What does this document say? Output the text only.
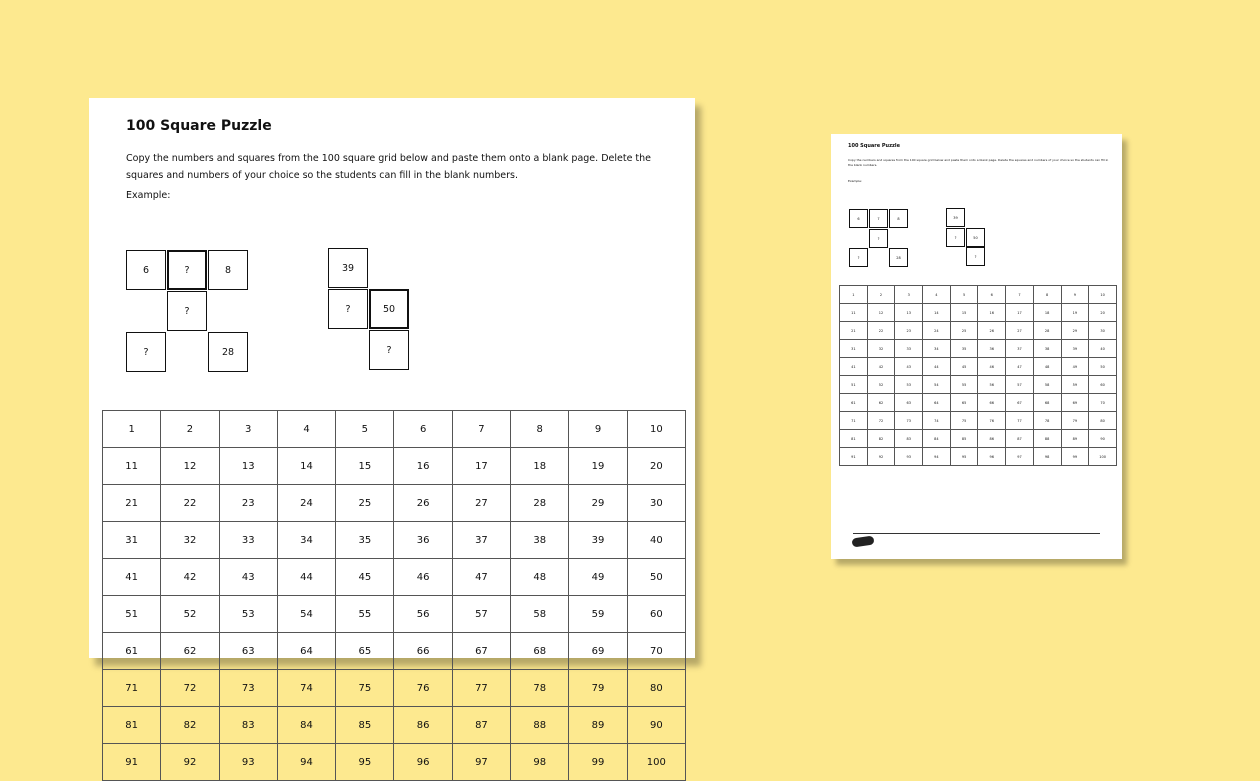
100 Square Puzzle
Copy the numbers and squares from the 100 square grid below and paste them onto a blank page. Delete the squares and numbers of your choice so the students can fill in the blank numbers.
Example:
6	?	8
?
?	28
39
?	50
?
1	2	3	4	5	6	7	8	9	10
11	12	13	14	15	16	17	18	19	20
21	22	23	24	25	26	27	28	29	30
31	32	33	34	35	36	37	38	39	40
41	42	43	44	45	46	47	48	49	50
51	52	53	54	55	56	57	58	59	60
61	62	63	64	65	66	67	68	69	70
71	72	73	74	75	76	77	78	79	80
81	82	83	84	85	86	87	88	89	90
91	92	93	94	95	96	97	98	99	100
100 Square Puzzle
Copy the numbers and squares from the 100 square grid below and paste them onto a blank page. Delete the squares and numbers of your choice so the students can fill in the blank numbers.
Example:
6	7	8
?
?	28
39
?	50
?
1	2	3	4	5	6	7	8	9	10
11	12	13	14	15	16	17	18	19	20
21	22	23	24	25	26	27	28	29	30
31	32	33	34	35	36	37	38	39	40
41	42	43	44	45	46	47	48	49	50
51	52	53	54	55	56	57	58	59	60
61	62	63	64	65	66	67	68	69	70
71	72	73	74	75	76	77	78	79	80
81	82	83	84	85	86	87	88	89	90
91	92	93	94	95	96	97	98	99	100
